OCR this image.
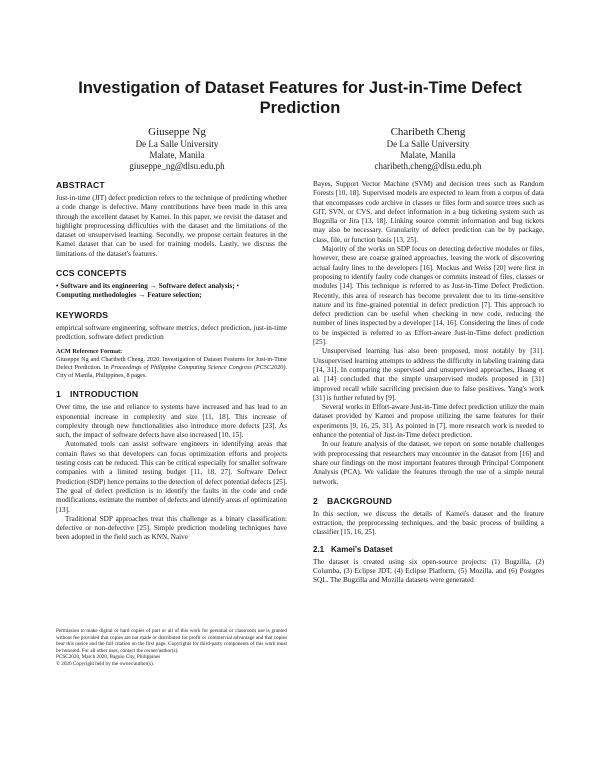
Investigation of Dataset Features for Just-in-Time Defect Prediction
Giuseppe Ng
De La Salle University
Malate, Manila
giuseppe_ng@dlsu.edu.ph
Charibeth Cheng
De La Salle University
Malate, Manila
charibeth.cheng@dlsu.edu.ph
ABSTRACT

Just-in-time (JIT) defect prediction refers to the technique of predicting whether a code change is defective. Many contributions have been made in this area through the excellent dataset by Kamei. In this paper, we revisit the dataset and highlight preprocessing difficulties with the dataset and the limitations of the dataset on unsupervised learning. Secondly, we propose certain features in the Kamei dataset that can be used for training models. Lastly, we discuss the limitations of the dataset's features.

CCS CONCEPTS
• Software and its engineering → Software defect analysis; •
Computing methodologies → Feature selection;
KEYWORDS

empirical software engineering, software metrics, defect prediction, just-in-time prediction, software defect prediction

ACM Reference Format:
Giuseppe Ng and Charibeth Cheng. 2020. Investigation of Dataset Features for Just-in-Time Defect Prediction. In Proceedings of Philippine Computing Science Congress (PCSC2020). City of Manila, Philippines, 8 pages.
1 INTRODUCTION

Over time, the use and reliance to systems have increased and has lead to an exponential increase in complexity and size [11, 18]. This increase of complexity through new functionalities also introduce more defects [23]. As such, the impact of software defects have also increased [10, 15].

Automated tools can assist software engineers in identifying areas that contain flaws so that developers can focus optimization efforts and projects testing costs can be reduced. This can be critical especially for smaller software companies with a limited testing budget [11, 18, 27]. Software Defect Prediction (SDP) hence pertains to the detection of defect potential defects [25]. The goal of defect prediction is to identify the faults in the code and code modifications, estimate the number of defects and identify areas of optimization [13].

Traditional SDP approaches treat this challenge as a binary classification: defective or non-defective [25]. Simple prediction modeling techniques have been adopted in the field such as KNN, Naive

Permission to make digital or hard copies of part or all of this work for personal or classroom use is granted without fee provided that copies are not made or distributed for profit or commercial advantage and that copies bear this notice and the full citation on the first page. Copyrights for third-party components of this work must be honored. For all other uses, contact the owner/author(s).
PCSC2020, March 2020, Baguio City, Philippines
© 2020 Copyright held by the owner/author(s).

Bayes, Support Vector Machine (SVM) and decision trees such as Random Forests [10, 18]. Supervised models are expected to learn from a corpus of data that encompasses code archive in classes or files form and source trees such as GIT, SVN, or CVS, and defect information in a bug ticketing system such as Bugzilla or Jira [13, 18]. Linking source commit information and bug tickets may also be necessary. Granularity of defect prediction can be by package, class, file, or function basis [13, 25].

Majority of the works on SDP focus on detecting defective modules or files, however, these are coarse grained approaches, leaving the work of discovering actual faulty lines to the developers [16]. Mockus and Weiss [20] were first in proposing to identify faulty code changes or commits instead of files, classes or modules [14]. This technique is referred to as Just-in-Time Defect Prediction. Recently, this area of research has become prevalent due to its time-sensitive nature and its fine-grained potential in defect prediction [7]. This approach to defect prediction can be useful when checking in new code, reducing the number of lines inspected by a developer [14, 16]. Considering the lines of code to be inspected is referred to as Effort-aware Just-in-Time defect prediction [25].

Unsupervised learning has also been proposed, most notably by [31]. Unsupervised learning attempts to address the difficulty in labeling training data [14, 31]. In comparing the supervised and unsupervised approaches, Huang et al. [14] concluded that the simple unsupervised models proposed in [31] improved recall while sacrificing precision due to false positives. Yang's work [31] is further refuted by [9].

Several works in Effort-aware Just-in-Time defect prediction utilize the main dataset provided by Kamei and propose utilizing the same features for their experiments [9, 16, 25, 31]. As pointed in [7], more research work is needed to enhance the potential of Just-in-Time defect prediction.

In our feature analysis of the dataset, we report on some notable challenges with preprocessing that researchers may encounter in the dataset from [16] and share our findings on the most important features through Principal Component Analysis (PCA). We validate the features through the use of a simple neural network.

2 BACKGROUND

In this section, we discuss the details of Kamei's dataset and the feature extraction, the preprocessing techniques, and the basic process of building a classifier [15, 16, 25].

2.1 Kamei's Dataset

The dataset is created using six open-source projects: (1) Bugzilla, (2) Columba, (3) Eclipse JDT, (4) Eclipse Platform, (5) Mozilla, and (6) Postgres SQL. The Bugzilla and Mozilla datasets were generated
